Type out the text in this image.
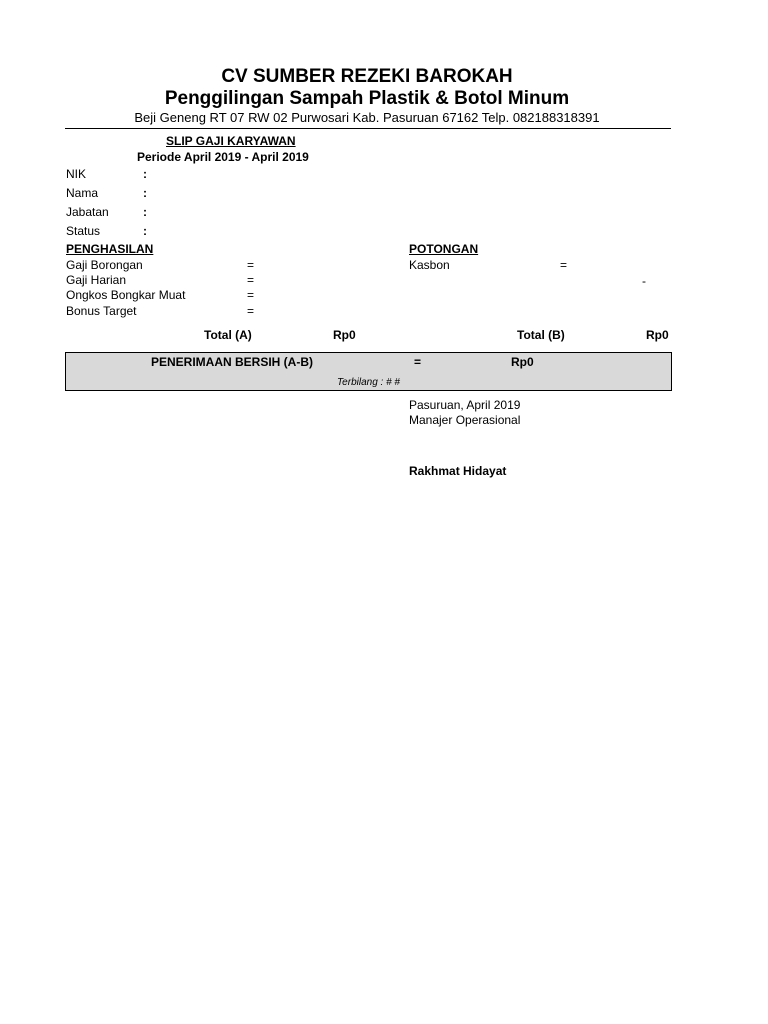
CV SUMBER REZEKI BAROKAH
Penggilingan Sampah Plastik & Botol Minum
Beji Geneng RT 07 RW 02 Purwosari Kab. Pasuruan 67162 Telp. 082188318391
SLIP GAJI KARYAWAN
Periode April 2019 - April 2019
NIK	:
Nama	:
Jabatan	:
Status	:
PENGHASILAN
Gaji Borongan	=
Gaji Harian	=
Ongkos Bongkar Muat	=
Bonus Target	=
POTONGAN
Kasbon	=
-
Total (A)	Rp0	Total (B)	Rp0
PENERIMAAN BERSIH (A-B)	=	Rp0
Terbilang : # #
Pasuruan, April 2019
Manajer Operasional
Rakhmat Hidayat
